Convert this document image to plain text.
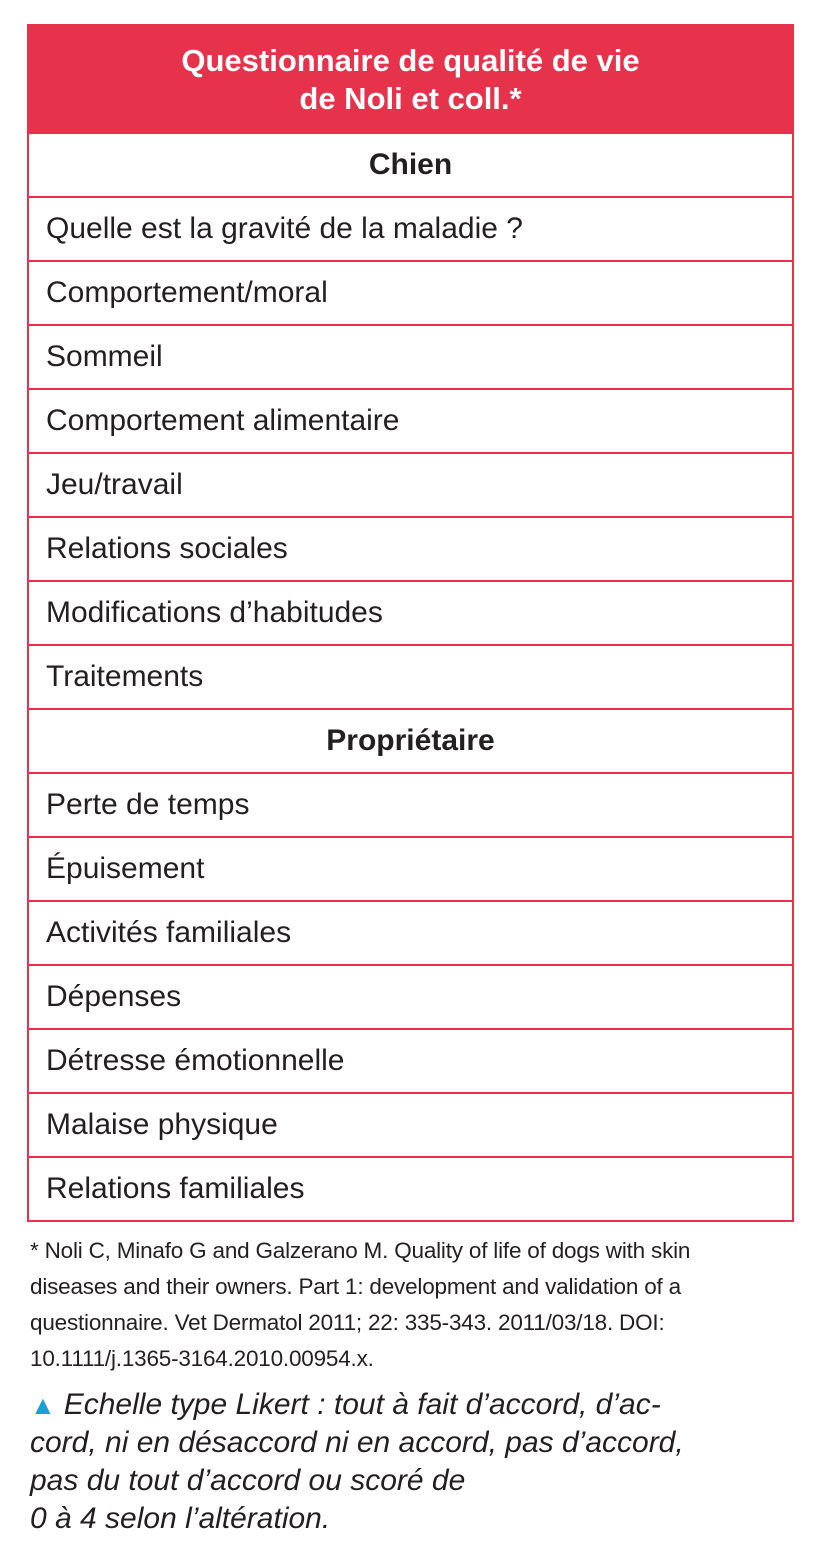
Questionnaire de qualité de vie
de Noli et coll.*
Chien
Quelle est la gravité de la maladie ?
Comportement/moral
Sommeil
Comportement alimentaire
Jeu/travail
Relations sociales
Modifications d’habitudes
Traitements
Propriétaire
Perte de temps
Épuisement
Activités familiales
Dépenses
Détresse émotionnelle
Malaise physique
Relations familiales
* Noli C, Minafo G and Galzerano M. Quality of life of dogs with skin
diseases and their owners. Part 1: development and validation of a
questionnaire. Vet Dermatol 2011; 22: 335-343. 2011/03/18. DOI:
10.1111/j.1365-3164.2010.00954.x.
▲ Echelle type Likert : tout à fait d’accord, d’ac-
cord, ni en désaccord ni en accord, pas d’accord,
pas du tout d’accord ou scoré de
0 à 4 selon l’altération.
